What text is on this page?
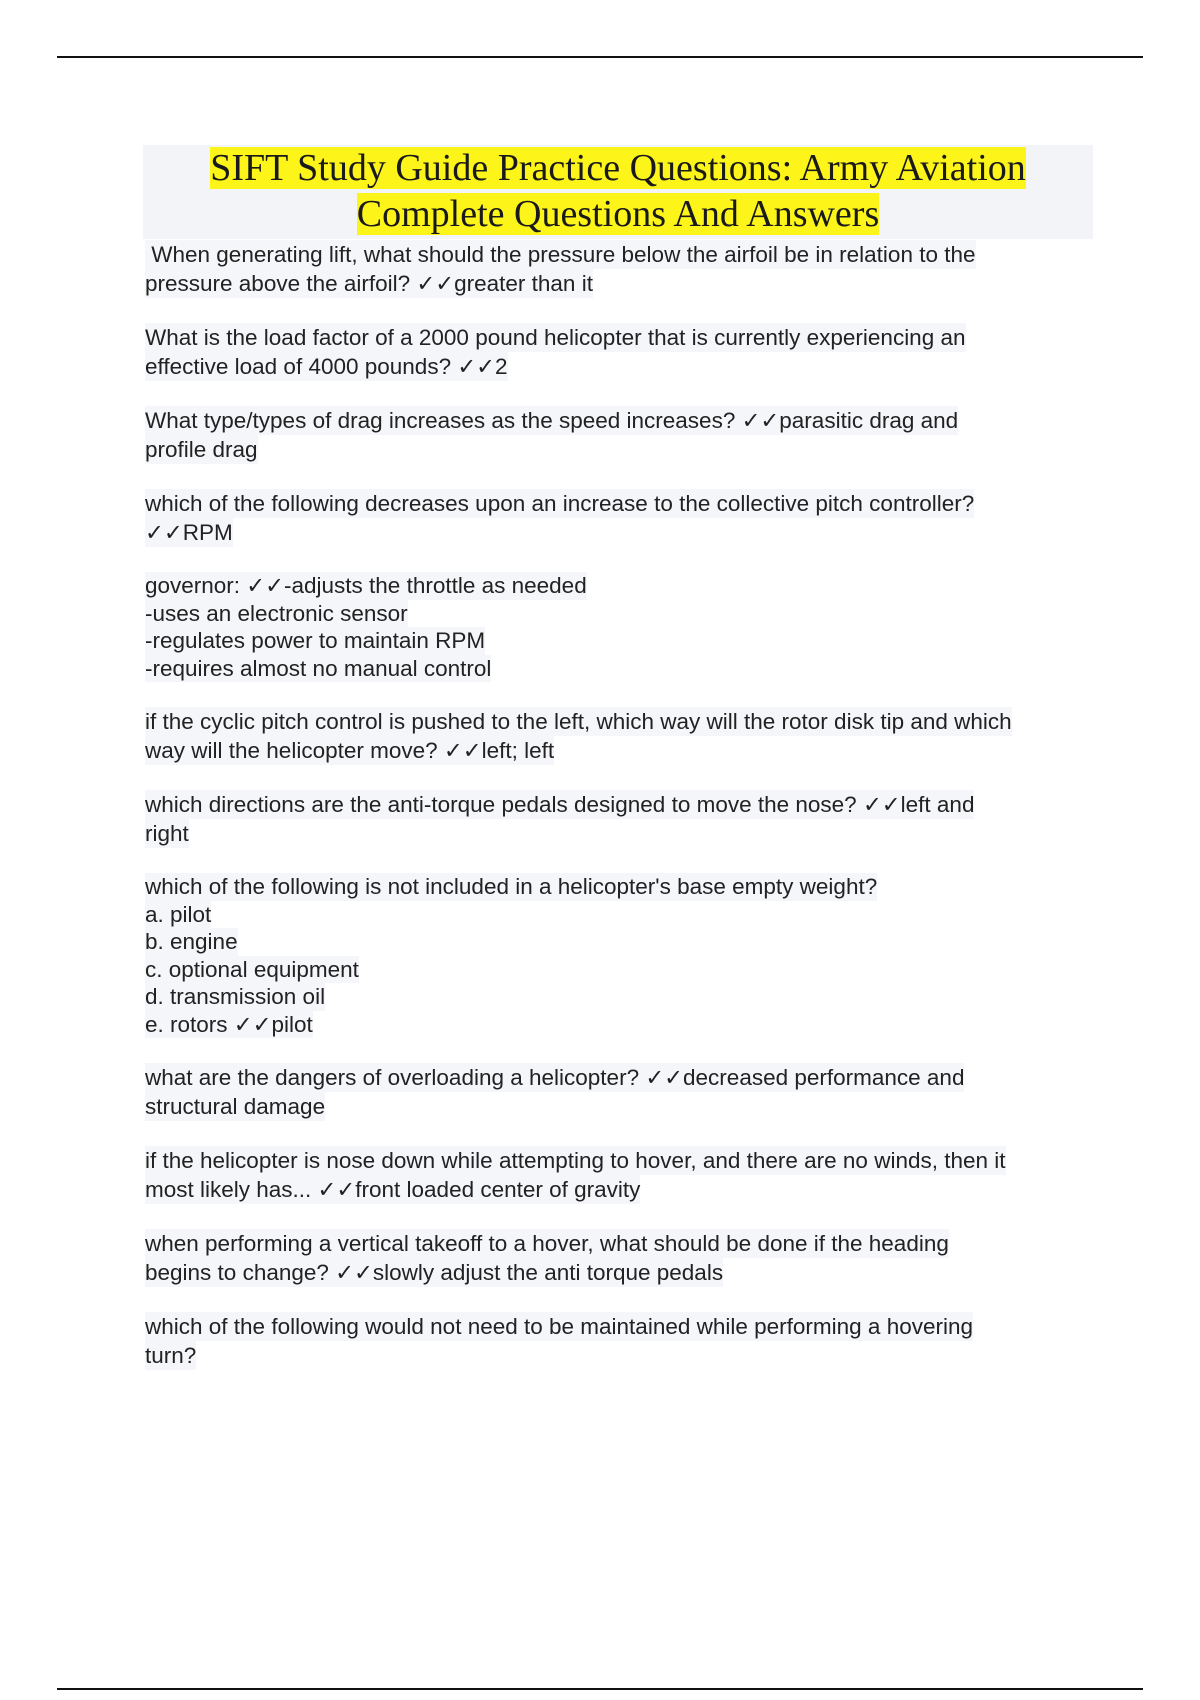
SIFT Study Guide Practice Questions: Army Aviation
Complete Questions And Answers
When generating lift, what should the pressure below the airfoil be in relation to the
pressure above the airfoil? ✓✓greater than it
What is the load factor of a 2000 pound helicopter that is currently experiencing an
effective load of 4000 pounds? ✓✓2
What type/types of drag increases as the speed increases? ✓✓parasitic drag and
profile drag
which of the following decreases upon an increase to the collective pitch controller?
✓✓RPM
governor: ✓✓-adjusts the throttle as needed
-uses an electronic sensor
-regulates power to maintain RPM
-requires almost no manual control
if the cyclic pitch control is pushed to the left, which way will the rotor disk tip and which
way will the helicopter move? ✓✓left; left
which directions are the anti-torque pedals designed to move the nose? ✓✓left and
right
which of the following is not included in a helicopter's base empty weight?
a. pilot
b. engine
c. optional equipment
d. transmission oil
e. rotors ✓✓pilot
what are the dangers of overloading a helicopter? ✓✓decreased performance and
structural damage
if the helicopter is nose down while attempting to hover, and there are no winds, then it
most likely has... ✓✓front loaded center of gravity
when performing a vertical takeoff to a hover, what should be done if the heading
begins to change? ✓✓slowly adjust the anti torque pedals
which of the following would not need to be maintained while performing a hovering
turn?
